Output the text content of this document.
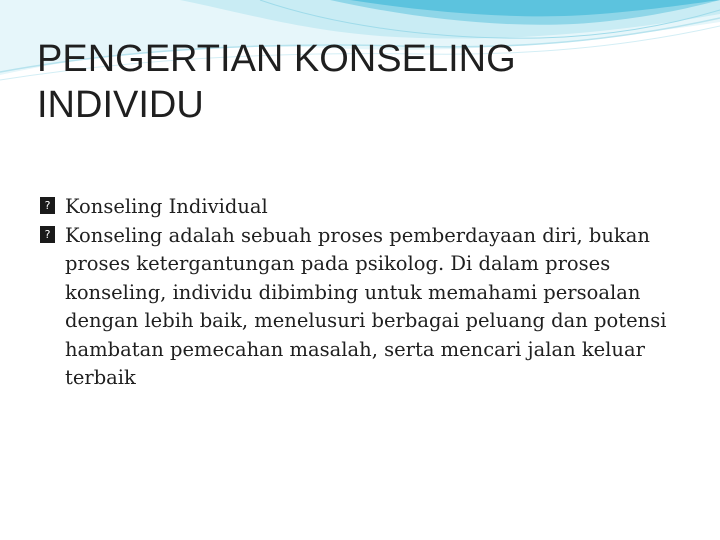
PENGERTIAN KONSELING
INDIVIDU

? Konseling Individual

? Konseling adalah sebuah proses pemberdayaan diri, bukan proses ketergantungan pada psikolog. Di dalam proses konseling, individu dibimbing untuk memahami persoalan dengan lebih baik, menelusuri berbagai peluang dan potensi hambatan pemecahan masalah, serta mencari jalan keluar terbaik
